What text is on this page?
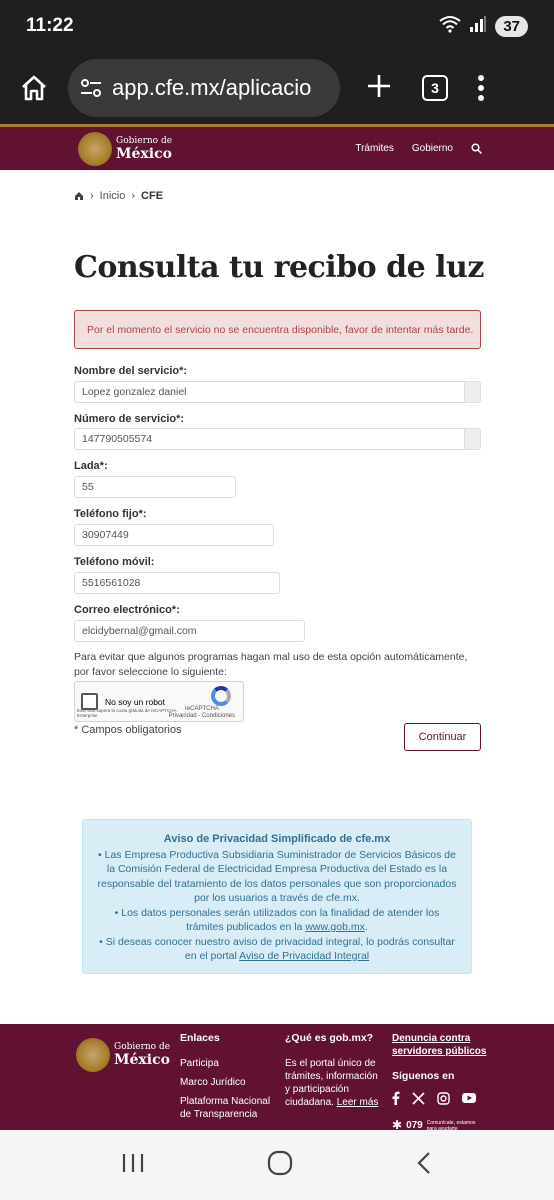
11:22	37
app.cfe.mx/aplicacio	3
Gobierno de
México	Trámites Gobierno
› Inicio › CFE
Consulta tu recibo de luz
Por el momento el servicio no se encuentra disponible, favor de intentar más tarde.
Nombre del servicio*:
Lopez gonzalez daniel
Número de servicio*:
147790505574
Lada*:
55
Teléfono fijo*:
30907449
Teléfono móvil:
5516561028
Correo electrónico*:
elcidybernal@gmail.com

Para evitar que algunos programas hagan mal uso de esta opción automáticamente, por favor seleccione lo siguiente:

No soy un robot
reCAPTCHA
Privacidad - Condiciones
Este sitio supera la cuota gratuita de reCAPTCHA Enterprise
* Campos obligatorios
Continuar
Aviso de Privacidad Simplificado de cfe.mx
• Las Empresa Productiva Subsidiaria Suministrador de Servicios Básicos de la Comisión Federal de Electricidad Empresa Productiva del Estado es la responsable del tratamiento de los datos personales que son proporcionados por los usuarios a través de cfe.mx.
• Los datos personales serán utilizados con la finalidad de atender los trámites publicados en la www.gob.mx.
• Si deseas conocer nuestro aviso de privacidad integral, lo podrás consultar en el portal Aviso de Privacidad Integral
Gobierno de
México
Enlaces
Participa
Marco Jurídico
Plataforma Nacional de Transparencia
¿Qué es gob.mx?
Es el portal único de trámites, información y participación ciudadana. Leer más
Denuncia contra servidores públicos
Síguenos en
✱ 079 Comunícate, estamos para ayudarte
